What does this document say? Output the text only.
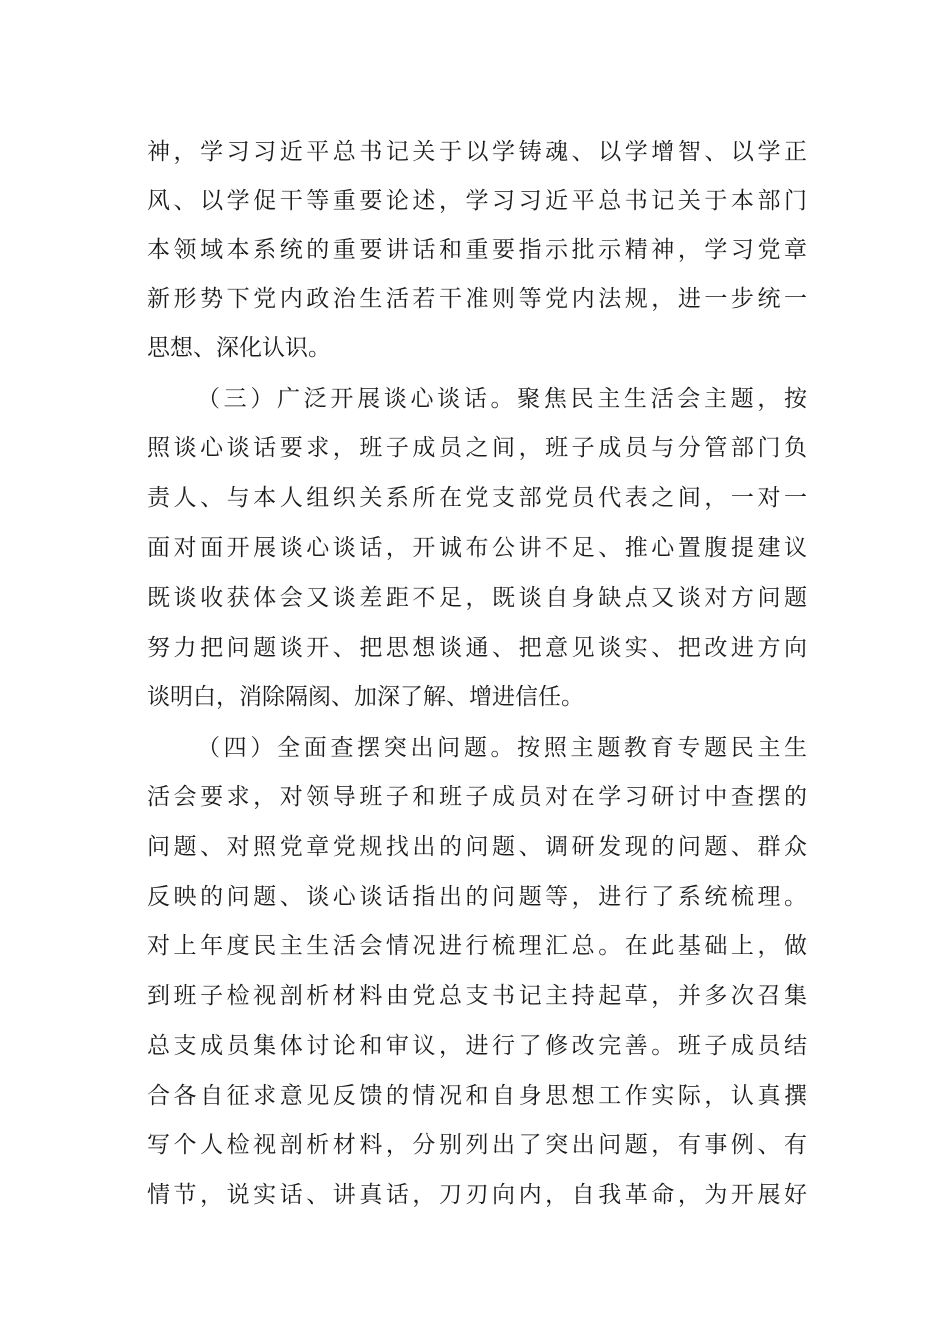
神，学习习近平总书记关于以学铸魂、以学增智、以学正
风、以学促干等重要论述，学习习近平总书记关于本部门
本领域本系统的重要讲话和重要指示批示精神，学习党章
新形势下党内政治生活若干准则等党内法规，进一步统一
思想、深化认识。
（三）广泛开展谈心谈话。聚焦民主生活会主题，按
照谈心谈话要求，班子成员之间，班子成员与分管部门负
责人、与本人组织关系所在党支部党员代表之间，一对一
面对面开展谈心谈话，开诚布公讲不足、推心置腹提建议
既谈收获体会又谈差距不足，既谈自身缺点又谈对方问题
努力把问题谈开、把思想谈通、把意见谈实、把改进方向
谈明白，消除隔阂、加深了解、增进信任。
（四）全面查摆突出问题。按照主题教育专题民主生
活会要求，对领导班子和班子成员对在学习研讨中查摆的
问题、对照党章党规找出的问题、调研发现的问题、群众
反映的问题、谈心谈话指出的问题等，进行了系统梳理。
对上年度民主生活会情况进行梳理汇总。在此基础上，做
到班子检视剖析材料由党总支书记主持起草，并多次召集
总支成员集体讨论和审议，进行了修改完善。班子成员结
合各自征求意见反馈的情况和自身思想工作实际，认真撰
写个人检视剖析材料，分别列出了突出问题，有事例、有
情节，说实话、讲真话，刀刃向内，自我革命，为开展好
